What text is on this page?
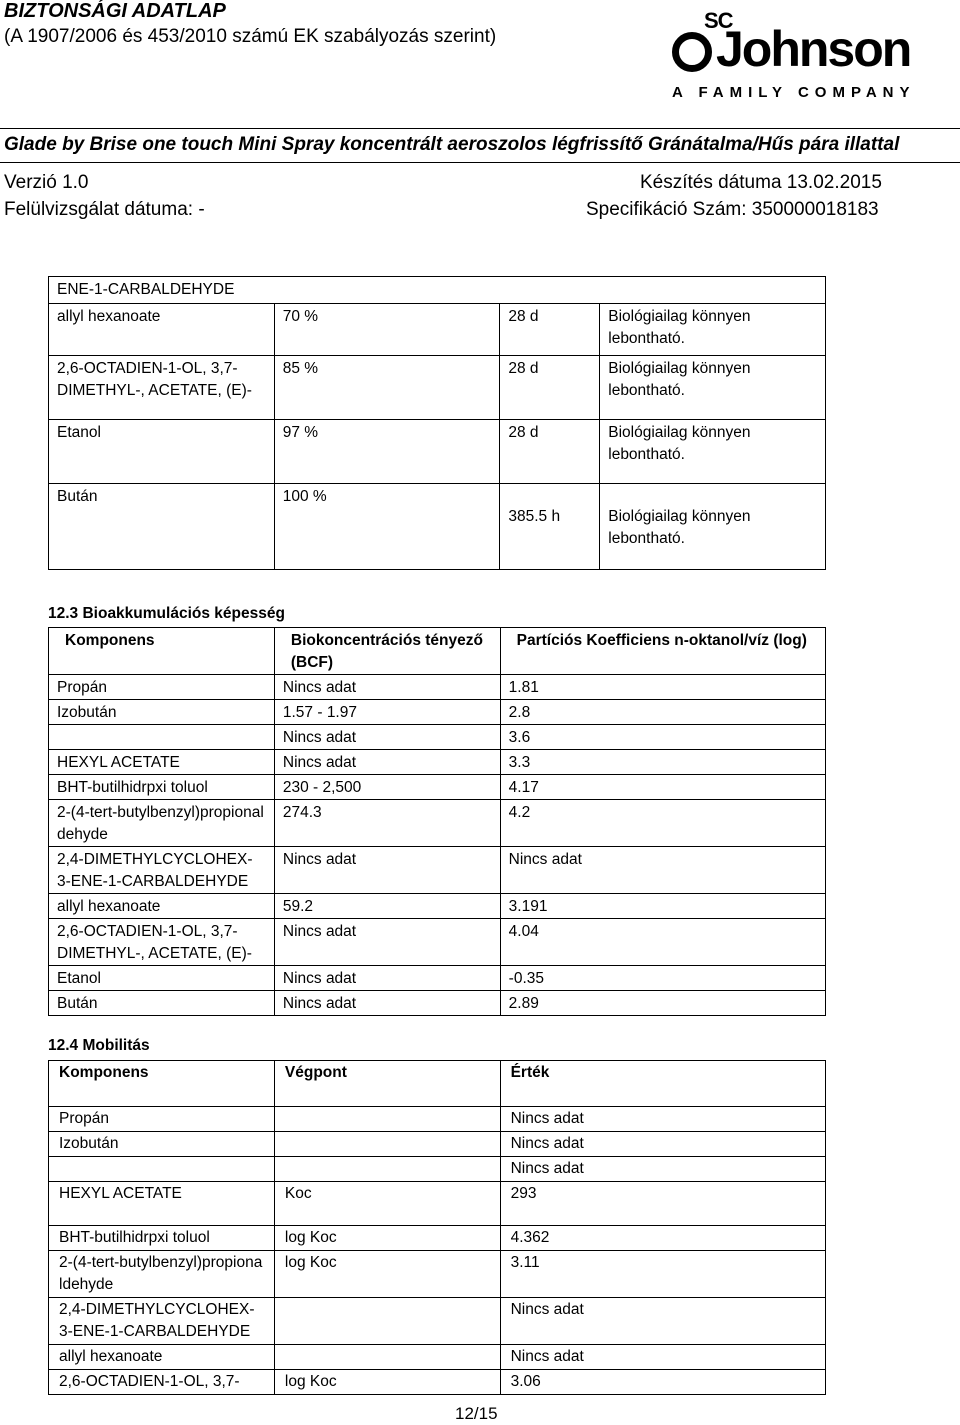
BIZTONSÁGI ADATLAP
(A 1907/2006 és 453/2010 számú EK szabályozás szerint)
SC
Johnson
A FAMILY COMPANY
Glade by Brise one touch Mini Spray koncentrált aeroszolos légfrissítő Gránátalma/Hűs pára illattal
Verzió 1.0	Készítés dátuma 13.02.2015
Felülvizsgálat dátuma: -	Specifikáció Szám: 350000018183
ENE-1-CARBALDEHYDE			
allyl hexanoate	70 %	28 d	Biológiailag könnyen lebontható.
2,6-OCTADIEN-1-OL, 3,7-DIMETHYL-, ACETATE, (E)-	85 %	28 d	Biológiailag könnyen lebontható.
Etanol	97 %	28 d	Biológiailag könnyen lebontható.
Bután	100 %	385.5 h	Biológiailag könnyen lebontható.
12.3 Bioakkumulációs képesség
Komponens	Biokoncentrációs tényező (BCF)	Partíciós Koefficiens n-oktanol/víz (log)
Propán	Nincs adat	1.81
Izobután	1.57 - 1.97	2.8
	Nincs adat	3.6
HEXYL ACETATE	Nincs adat	3.3
BHT-butilhidrpxi toluol	230 - 2,500	4.17
2-(4-tert-butylbenzyl)propionaldehyde	274.3	4.2
2,4-DIMETHYLCYCLOHEX-3-ENE-1-CARBALDEHYDE	Nincs adat	Nincs adat
allyl hexanoate	59.2	3.191
2,6-OCTADIEN-1-OL, 3,7-DIMETHYL-, ACETATE, (E)-	Nincs adat	4.04
Etanol	Nincs adat	-0.35
Bután	Nincs adat	2.89
12.4 Mobilitás
Komponens	Végpont	Érték
Propán		Nincs adat
Izobután		Nincs adat
		Nincs adat
HEXYL ACETATE	Koc	293
BHT-butilhidrpxi toluol	log Koc	4.362
2-(4-tert-butylbenzyl)propionaldehyde	log Koc	3.11
2,4-DIMETHYLCYCLOHEX-3-ENE-1-CARBALDEHYDE		Nincs adat
allyl hexanoate		Nincs adat
2,6-OCTADIEN-1-OL, 3,7-	log Koc	3.06
12/15
